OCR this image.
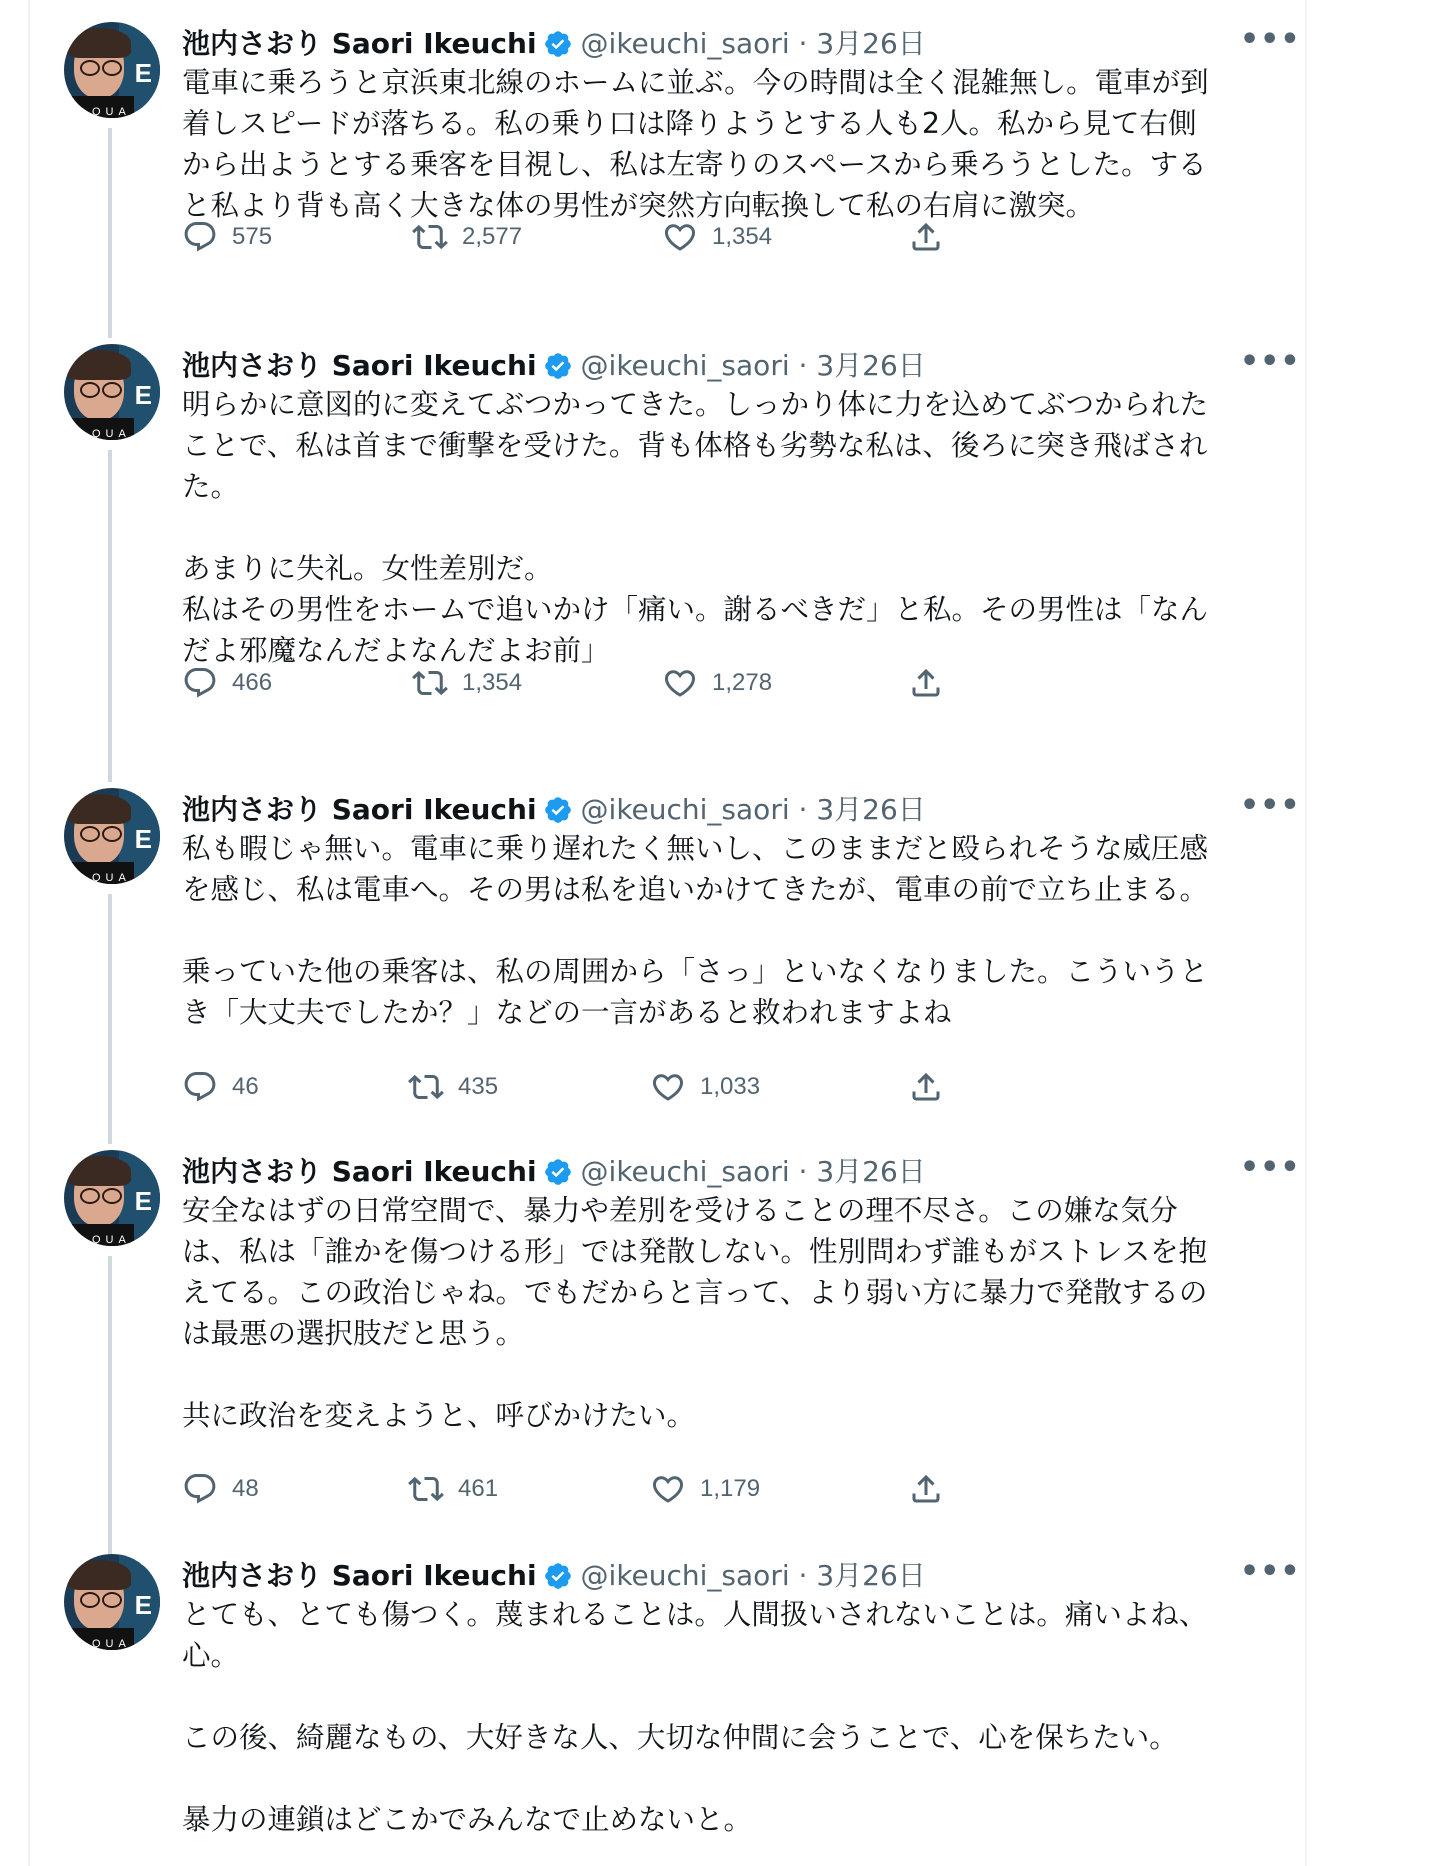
E
E
QUA
池内さおり Saori Ikeuchi @ikeuchi_saori · 3月26日	•••
電車に乗ろうと京浜東北線のホームに並ぶ。今の時間は全く混雑無し。電車が到
着しスピードが落ちる。私の乗り口は降りようとする人も2人。私から見て右側
から出ようとする乗客を目視し、私は左寄りのスペースから乗ろうとした。する
と私より背も高く大きな体の男性が突然方向転換して私の右肩に激突。
575	2,577	1,354
E
E
QUA
池内さおり Saori Ikeuchi @ikeuchi_saori · 3月26日	•••
明らかに意図的に変えてぶつかってきた。しっかり体に力を込めてぶつかられた
ことで、私は首まで衝撃を受けた。背も体格も劣勢な私は、後ろに突き飛ばされ
た。

あまりに失礼。女性差別だ。
私はその男性をホームで追いかけ「痛い。謝るべきだ」と私。その男性は「なん
だよ邪魔なんだよなんだよお前」
466	1,354	1,278
E
E
QUA
池内さおり Saori Ikeuchi @ikeuchi_saori · 3月26日	•••
私も暇じゃ無い。電車に乗り遅れたく無いし、このままだと殴られそうな威圧感
を感じ、私は電車へ。その男は私を追いかけてきたが、電車の前で立ち止まる。

乗っていた他の乗客は、私の周囲から「さっ」といなくなりました。こういうと
き「大丈夫でしたか？」などの一言があると救われますよね
46	435	1,033
E
E
QUA
池内さおり Saori Ikeuchi @ikeuchi_saori · 3月26日	•••
安全なはずの日常空間で、暴力や差別を受けることの理不尽さ。この嫌な気分
は、私は「誰かを傷つける形」では発散しない。性別問わず誰もがストレスを抱
えてる。この政治じゃね。でもだからと言って、より弱い方に暴力で発散するの
は最悪の選択肢だと思う。

共に政治を変えようと、呼びかけたい。
48	461	1,179
E
E
QUA
池内さおり Saori Ikeuchi @ikeuchi_saori · 3月26日	•••
とても、とても傷つく。蔑まれることは。人間扱いされないことは。痛いよね、
心。

この後、綺麗なもの、大好きな人、大切な仲間に会うことで、心を保ちたい。

暴力の連鎖はどこかでみんなで止めないと。
